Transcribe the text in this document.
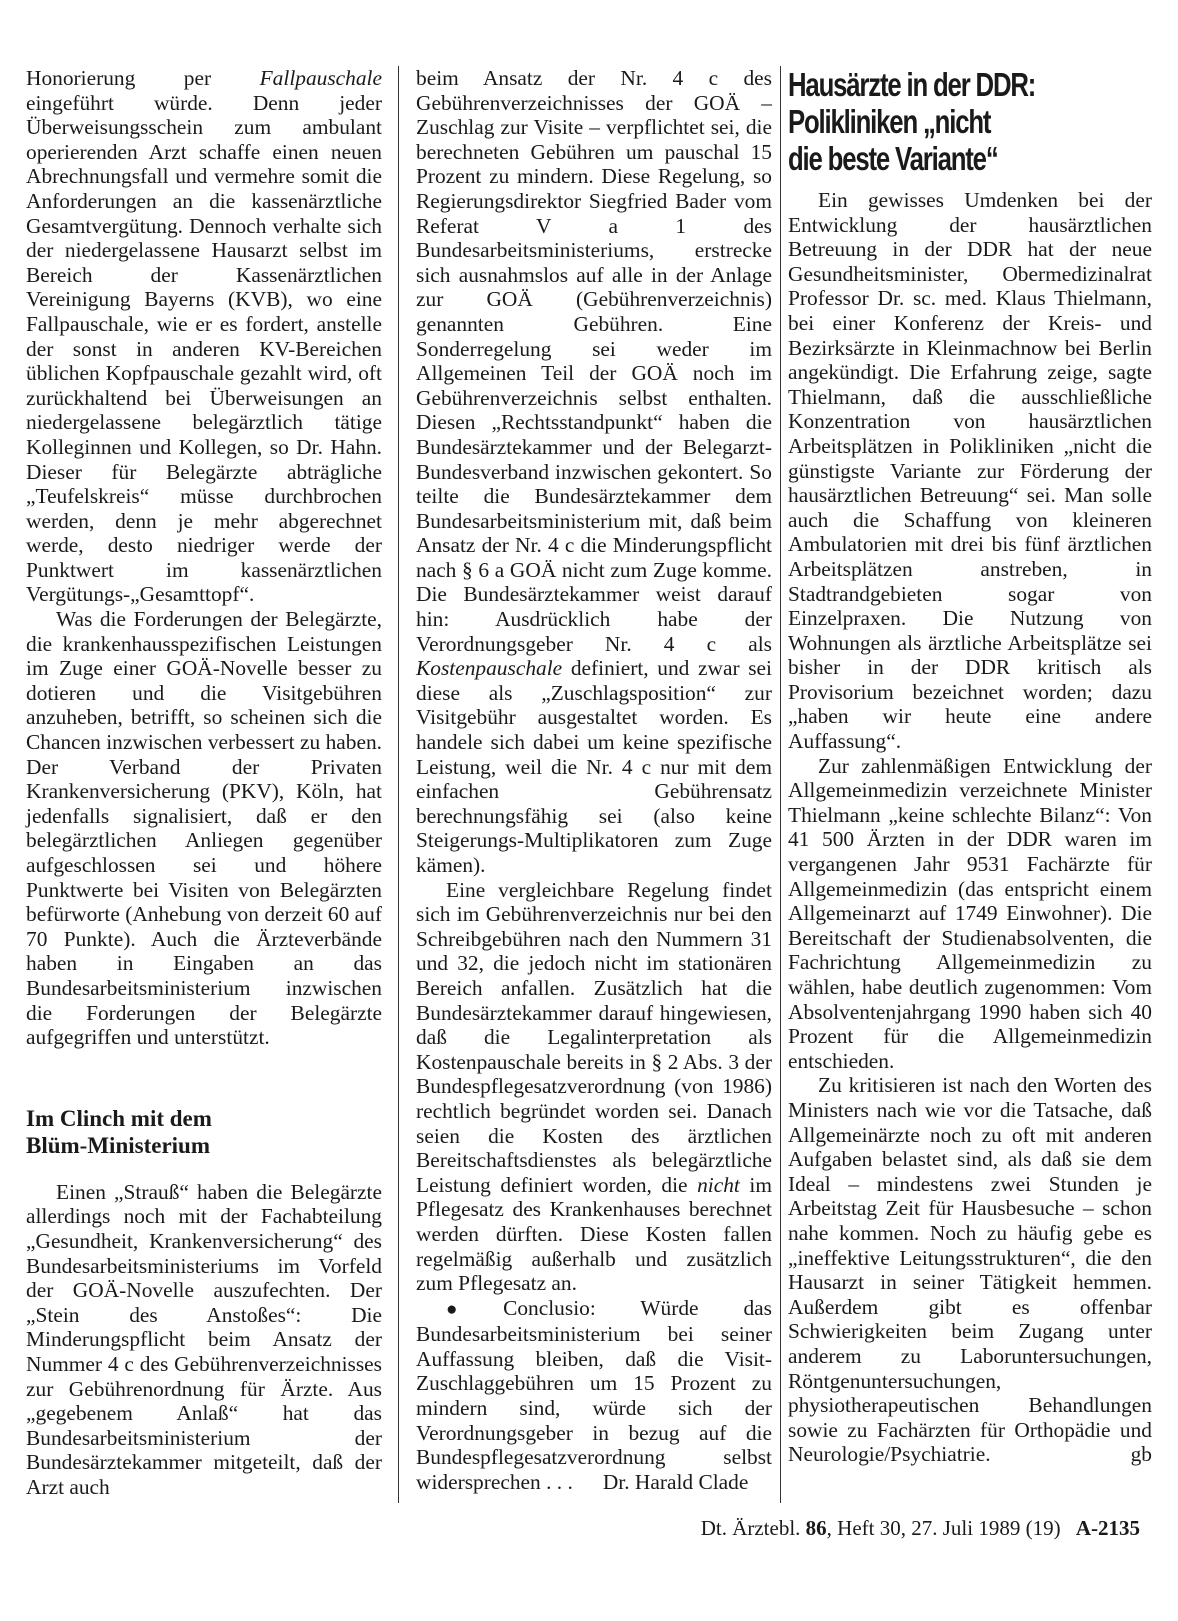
Honorierung per Fallpauschale eingeführt würde. Denn jeder Überweisungsschein zum ambulant operierenden Arzt schaffe einen neuen Abrechnungsfall und vermehre somit die Anforderungen an die kassenärztliche Gesamtvergütung. Dennoch verhalte sich der niedergelassene Hausarzt selbst im Bereich der Kassenärztlichen Vereinigung Bayerns (KVB), wo eine Fallpauschale, wie er es fordert, anstelle der sonst in anderen KV-Bereichen üblichen Kopfpauschale gezahlt wird, oft zurückhaltend bei Überweisungen an niedergelassene belegärztlich tätige Kolleginnen und Kollegen, so Dr. Hahn. Dieser für Belegärzte abträgliche „Teufelskreis“ müsse durchbrochen werden, denn je mehr abgerechnet werde, desto niedriger werde der Punktwert im kassenärztlichen Vergütungs-„Gesamttopf“.

Was die Forderungen der Belegärzte, die krankenhausspezifischen Leistungen im Zuge einer GOÄ-Novelle besser zu dotieren und die Visitgebühren anzuheben, betrifft, so scheinen sich die Chancen inzwischen verbessert zu haben. Der Verband der Privaten Krankenversicherung (PKV), Köln, hat jedenfalls signalisiert, daß er den belegärztlichen Anliegen gegenüber aufgeschlossen sei und höhere Punktwerte bei Visiten von Belegärzten befürworte (Anhebung von derzeit 60 auf 70 Punkte). Auch die Ärzteverbände haben in Eingaben an das Bundesarbeitsministerium inzwischen die Forderungen der Belegärzte aufgegriffen und unterstützt.

Im Clinch mit dem
Blüm-Ministerium

Einen „Strauß“ haben die Belegärzte allerdings noch mit der Fachabteilung „Gesundheit, Krankenversicherung“ des Bundesarbeitsministeriums im Vorfeld der GOÄ-Novelle auszufechten. Der „Stein des Anstoßes“: Die Minderungspflicht beim Ansatz der Nummer 4 c des Gebührenverzeichnisses zur Gebührenordnung für Ärzte. Aus „gegebenem Anlaß“ hat das Bundesarbeitsministerium der Bundesärztekammer mitgeteilt, daß der Arzt auch

beim Ansatz der Nr. 4 c des Gebührenverzeichnisses der GOÄ – Zuschlag zur Visite – verpflichtet sei, die berechneten Gebühren um pauschal 15 Prozent zu mindern. Diese Regelung, so Regierungsdirektor Siegfried Bader vom Referat V a 1 des Bundesarbeitsministeriums, erstrecke sich ausnahmslos auf alle in der Anlage zur GOÄ (Gebührenverzeichnis) genannten Gebühren. Eine Sonderregelung sei weder im Allgemeinen Teil der GOÄ noch im Gebührenverzeichnis selbst enthalten. Diesen „Rechtsstandpunkt“ haben die Bundesärztekammer und der Belegarzt-Bundesverband inzwischen gekontert. So teilte die Bundesärztekammer dem Bundesarbeitsministerium mit, daß beim Ansatz der Nr. 4 c die Minderungspflicht nach § 6 a GOÄ nicht zum Zuge komme. Die Bundesärztekammer weist darauf hin: Ausdrücklich habe der Verordnungsgeber Nr. 4 c als Kostenpauschale definiert, und zwar sei diese als „Zuschlagsposition“ zur Visitgebühr ausgestaltet worden. Es handele sich dabei um keine spezifische Leistung, weil die Nr. 4 c nur mit dem einfachen Gebührensatz berechnungsfähig sei (also keine Steigerungs-Multiplikatoren zum Zuge kämen).

Eine vergleichbare Regelung findet sich im Gebührenverzeichnis nur bei den Schreibgebühren nach den Nummern 31 und 32, die jedoch nicht im stationären Bereich anfallen. Zusätzlich hat die Bundesärztekammer darauf hingewiesen, daß die Legalinterpretation als Kostenpauschale bereits in § 2 Abs. 3 der Bundespflegesatzverordnung (von 1986) rechtlich begründet worden sei. Danach seien die Kosten des ärztlichen Bereitschaftsdienstes als belegärztliche Leistung definiert worden, die nicht im Pflegesatz des Krankenhauses berechnet werden dürften. Diese Kosten fallen regelmäßig außerhalb und zusätzlich zum Pflegesatz an.

● Conclusio: Würde das Bundesarbeitsministerium bei seiner Auffassung bleiben, daß die Visit-Zuschlaggebühren um 15 Prozent zu mindern sind, würde sich der Verordnungsgeber in bezug auf die Bundespflegesatzverordnung selbst widersprechen . . . Dr. Harald Clade

Hausärzte in der DDR:
Polikliniken „nicht
die beste Variante“

Ein gewisses Umdenken bei der Entwicklung der hausärztlichen Betreuung in der DDR hat der neue Gesundheitsminister, Obermedizinalrat Professor Dr. sc. med. Klaus Thielmann, bei einer Konferenz der Kreis- und Bezirksärzte in Kleinmachnow bei Berlin angekündigt. Die Erfahrung zeige, sagte Thielmann, daß die ausschließliche Konzentration von hausärztlichen Arbeitsplätzen in Polikliniken „nicht die günstigste Variante zur Förderung der hausärztlichen Betreuung“ sei. Man solle auch die Schaffung von kleineren Ambulatorien mit drei bis fünf ärztlichen Arbeitsplätzen anstreben, in Stadtrandgebieten sogar von Einzelpraxen. Die Nutzung von Wohnungen als ärztliche Arbeitsplätze sei bisher in der DDR kritisch als Provisorium bezeichnet worden; dazu „haben wir heute eine andere Auffassung“.

Zur zahlenmäßigen Entwicklung der Allgemeinmedizin verzeichnete Minister Thielmann „keine schlechte Bilanz“: Von 41 500 Ärzten in der DDR waren im vergangenen Jahr 9531 Fachärzte für Allgemeinmedizin (das entspricht einem Allgemeinarzt auf 1749 Einwohner). Die Bereitschaft der Studienabsolventen, die Fachrichtung Allgemeinmedizin zu wählen, habe deutlich zugenommen: Vom Absolventenjahrgang 1990 haben sich 40 Prozent für die Allgemeinmedizin entschieden.

Zu kritisieren ist nach den Worten des Ministers nach wie vor die Tatsache, daß Allgemeinärzte noch zu oft mit anderen Aufgaben belastet sind, als daß sie dem Ideal – mindestens zwei Stunden je Arbeitstag Zeit für Hausbesuche – schon nahe kommen. Noch zu häufig gebe es „ineffektive Leitungsstrukturen“, die den Hausarzt in seiner Tätigkeit hemmen. Außerdem gibt es offenbar Schwierigkeiten beim Zugang unter anderem zu Laboruntersuchungen, Röntgenuntersuchungen, physiotherapeutischen Behandlungen sowie zu Fachärzten für Orthopädie und Neurologie/Psychiatrie.	gb

Dt. Ärztebl. 86, Heft 30, 27. Juli 1989 (19) A-2135
